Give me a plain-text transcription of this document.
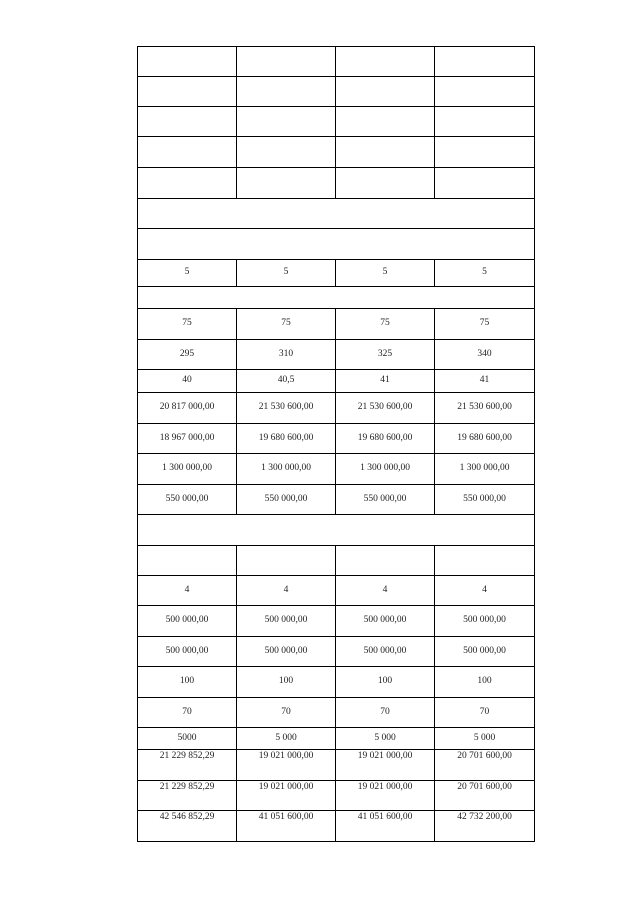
5	5	5	5

75	75	75	75
295	310	325	340
40	40,5	41	41
20 817 000,00	21 530 600,00	21 530 600,00	21 530 600,00
18 967 000,00	19 680 600,00	19 680 600,00	19 680 600,00
1 300 000,00	1 300 000,00	1 300 000,00	1 300 000,00
550 000,00	550 000,00	550 000,00	550 000,00

4	4	4	4
500 000,00	500 000,00	500 000,00	500 000,00
500 000,00	500 000,00	500 000,00	500 000,00
100	100	100	100
70	70	70	70
5000	5 000	5 000	5 000
21 229 852,29	19 021 000,00	19 021 000,00	20 701 600,00
21 229 852,29	19 021 000,00	19 021 000,00	20 701 600,00
42 546 852,29	41 051 600,00	41 051 600,00	42 732 200,00
